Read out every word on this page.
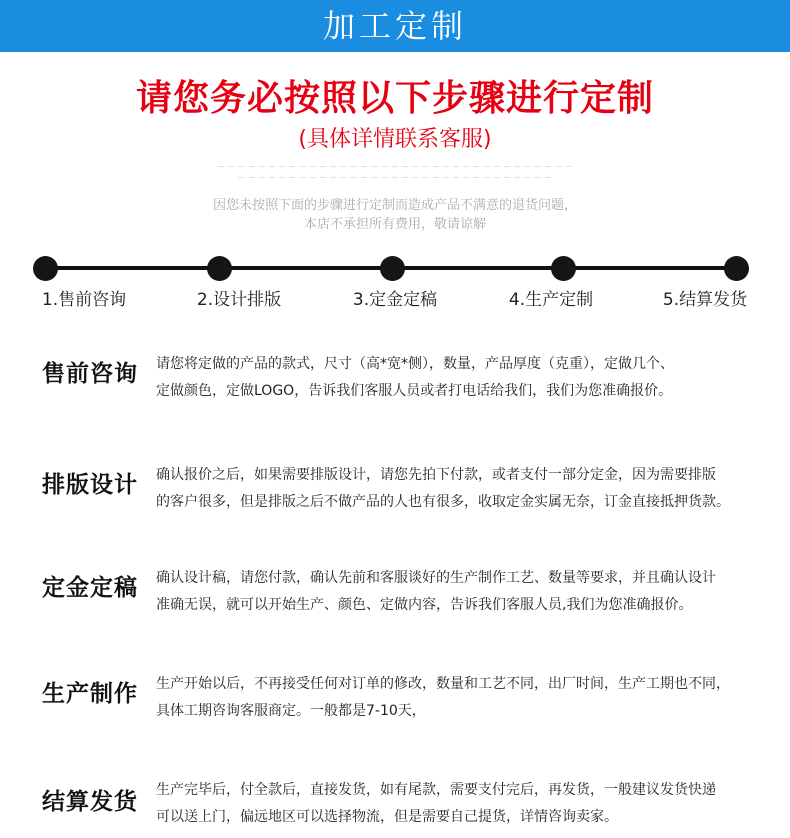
加工定制
请您务必按照以下步骤进行定制
(具体详情联系客服)
— — — — — — — — — — — — — — — — — — — — — — — — — — — — — — — — — — —
— — — — — — — — — — — — — — — — — — — — — — — — — — — — — — —
因您未按照下面的步骤进行定制而造成产品不满意的退货问题，
本店不承担所有费用，敬请谅解
1.售前咨询	2.设计排版	3.定金定稿	4.生产定制	5.结算发货
售前咨询 请您将定做的产品的款式，尺寸（高*宽*侧），数量，产品厚度（克重），定做几个、
定做颜色，定做LOGO，告诉我们客服人员或者打电话给我们，我们为您准确报价。
排版设计 确认报价之后，如果需要排版设计，请您先拍下付款，或者支付一部分定金，因为需要排版
的客户很多，但是排版之后不做产品的人也有很多，收取定金实属无奈，订金直接抵押货款。
定金定稿 确认设计稿，请您付款，确认先前和客服谈好的生产制作工艺、数量等要求，并且确认设计
准确无误，就可以开始生产、颜色、定做内容，告诉我们客服人员,我们为您准确报价。
生产制作 生产开始以后，不再接受任何对订单的修改，数量和工艺不同，出厂时间，生产工期也不同，
具体工期咨询客服商定。一般都是7-10天，
结算发货 生产完毕后，付全款后，直接发货，如有尾款，需要支付完后，再发货，一般建议发货快递
可以送上门，偏远地区可以选择物流，但是需要自己提货，详情咨询卖家。
